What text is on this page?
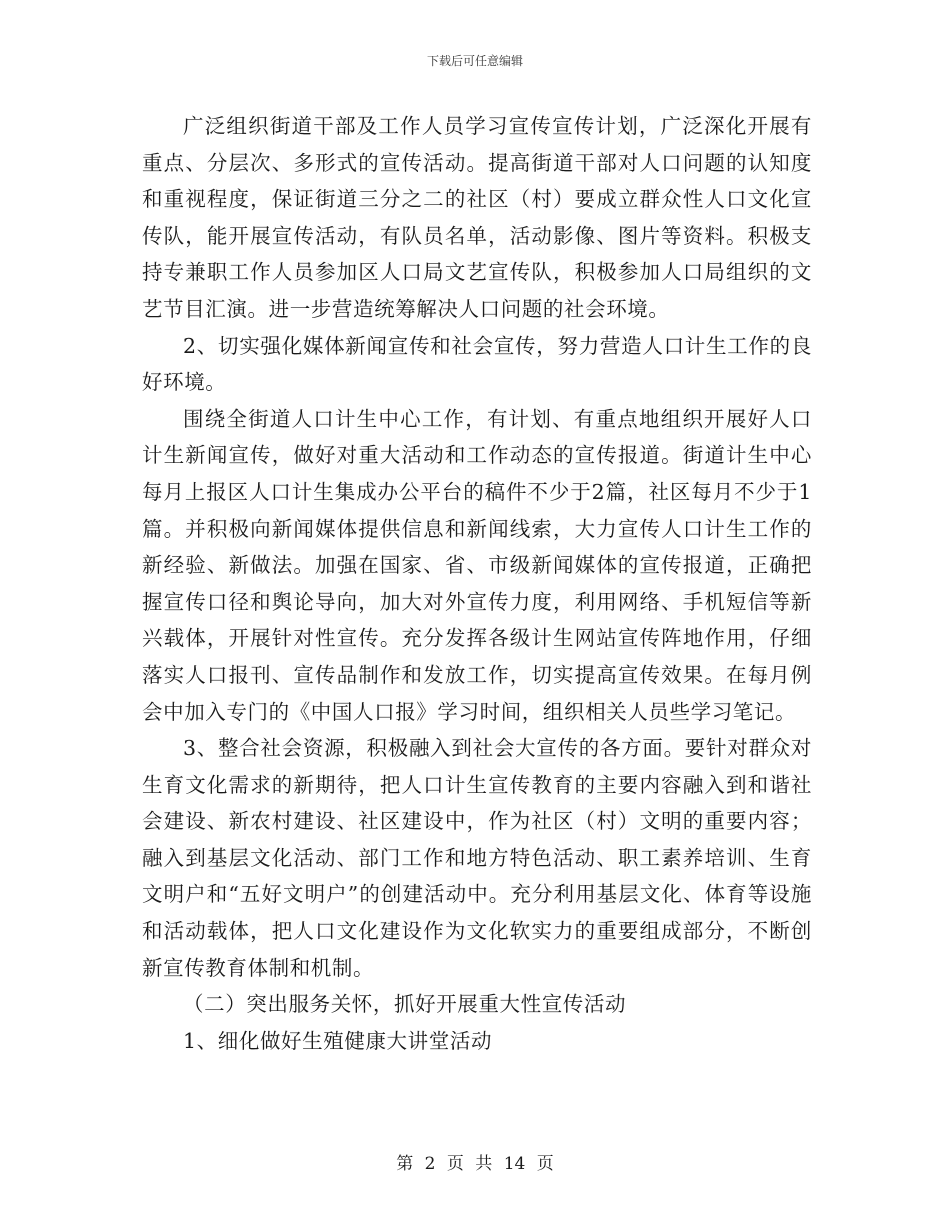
下载后可任意编辑

广泛组织街道干部及工作人员学习宣传宣传计划，广泛深化开展有重点、分层次、多形式的宣传活动。提高街道干部对人口问题的认知度和重视程度，保证街道三分之二的社区（村）要成立群众性人口文化宣传队，能开展宣传活动，有队员名单，活动影像、图片等资料。积极支持专兼职工作人员参加区人口局文艺宣传队，积极参加人口局组织的文艺节目汇演。进一步营造统筹解决人口问题的社会环境。

2、切实强化媒体新闻宣传和社会宣传，努力营造人口计生工作的良好环境。

围绕全街道人口计生中心工作，有计划、有重点地组织开展好人口计生新闻宣传，做好对重大活动和工作动态的宣传报道。街道计生中心每月上报区人口计生集成办公平台的稿件不少于2篇，社区每月不少于1篇。并积极向新闻媒体提供信息和新闻线索，大力宣传人口计生工作的新经验、新做法。加强在国家、省、市级新闻媒体的宣传报道，正确把握宣传口径和舆论导向，加大对外宣传力度，利用网络、手机短信等新兴载体，开展针对性宣传。充分发挥各级计生网站宣传阵地作用，仔细落实人口报刊、宣传品制作和发放工作，切实提高宣传效果。在每月例会中加入专门的《中国人口报》学习时间，组织相关人员些学习笔记。

3、整合社会资源，积极融入到社会大宣传的各方面。要针对群众对生育文化需求的新期待，把人口计生宣传教育的主要内容融入到和谐社会建设、新农村建设、社区建设中，作为社区（村）文明的重要内容；融入到基层文化活动、部门工作和地方特色活动、职工素养培训、生育文明户和“五好文明户”的创建活动中。充分利用基层文化、体育等设施和活动载体，把人口文化建设作为文化软实力的重要组成部分，不断创新宣传教育体制和机制。

（二）突出服务关怀，抓好开展重大性宣传活动

1、细化做好生殖健康大讲堂活动

第 2 页 共 14 页
